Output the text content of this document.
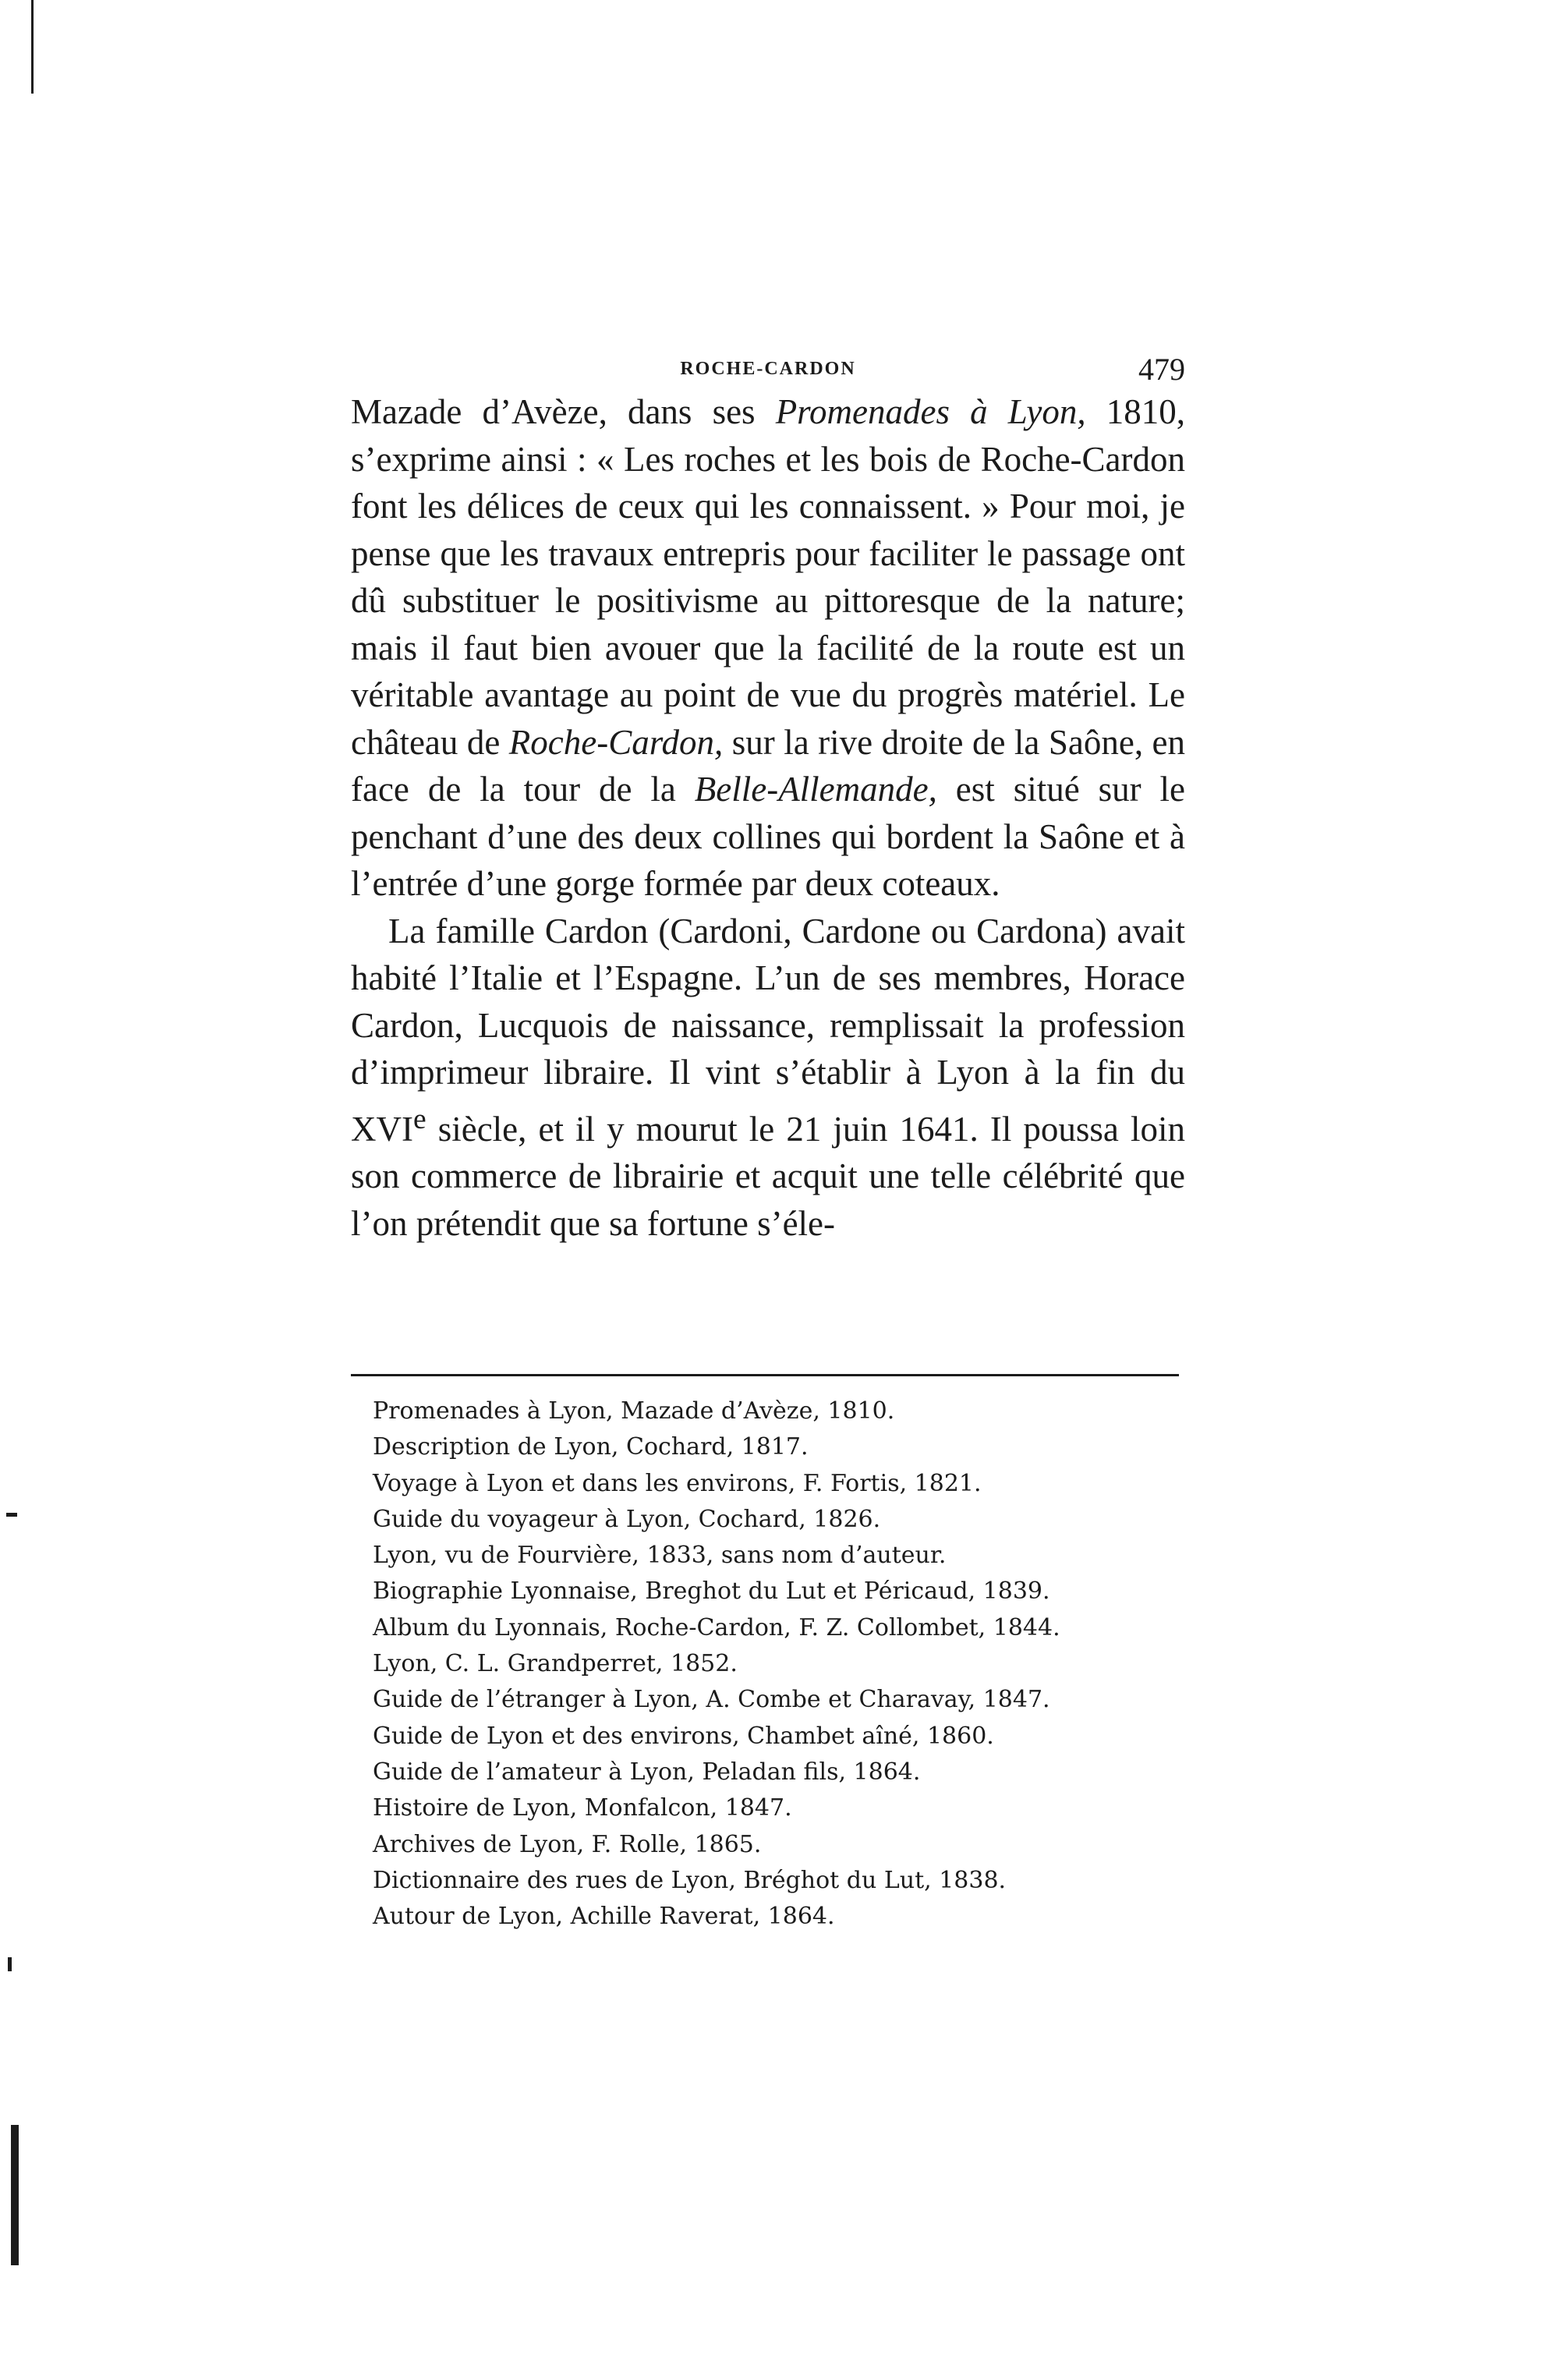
ROCHE-CARDON	479

Mazade d’Avèze, dans ses Promenades à Lyon, 1810, s’exprime ainsi : « Les roches et les bois de Roche-Cardon font les délices de ceux qui les connaissent. » Pour moi, je pense que les travaux entrepris pour faciliter le passage ont dû substituer le positivisme au pittoresque de la nature; mais il faut bien avouer que la facilité de la route est un véritable avantage au point de vue du progrès matériel. Le château de Roche-Cardon, sur la rive droite de la Saône, en face de la tour de la Belle-Allemande, est situé sur le penchant d’une des deux collines qui bordent la Saône et à l’entrée d’une gorge formée par deux coteaux.

La famille Cardon (Cardoni, Cardone ou Cardona) avait habité l’Italie et l’Espagne. L’un de ses membres, Horace Cardon, Lucquois de naissance, remplissait la profession d’imprimeur libraire. Il vint s’établir à Lyon à la fin du XVIe siècle, et il y mourut le 21 juin 1641. Il poussa loin son commerce de librairie et acquit une telle célébrité que l’on prétendit que sa fortune s’éle-

Promenades à Lyon, Mazade d’Avèze, 1810.
Description de Lyon, Cochard, 1817.
Voyage à Lyon et dans les environs, F. Fortis, 1821.
Guide du voyageur à Lyon, Cochard, 1826.
Lyon, vu de Fourvière, 1833, sans nom d’auteur.
Biographie Lyonnaise, Breghot du Lut et Péricaud, 1839.
Album du Lyonnais, Roche-Cardon, F. Z. Collombet, 1844.
Lyon, C. L. Grandperret, 1852.
Guide de l’étranger à Lyon, A. Combe et Charavay, 1847.
Guide de Lyon et des environs, Chambet aîné, 1860.
Guide de l’amateur à Lyon, Peladan fils, 1864.
Histoire de Lyon, Monfalcon, 1847.
Archives de Lyon, F. Rolle, 1865.
Dictionnaire des rues de Lyon, Bréghot du Lut, 1838.
Autour de Lyon, Achille Raverat, 1864.
